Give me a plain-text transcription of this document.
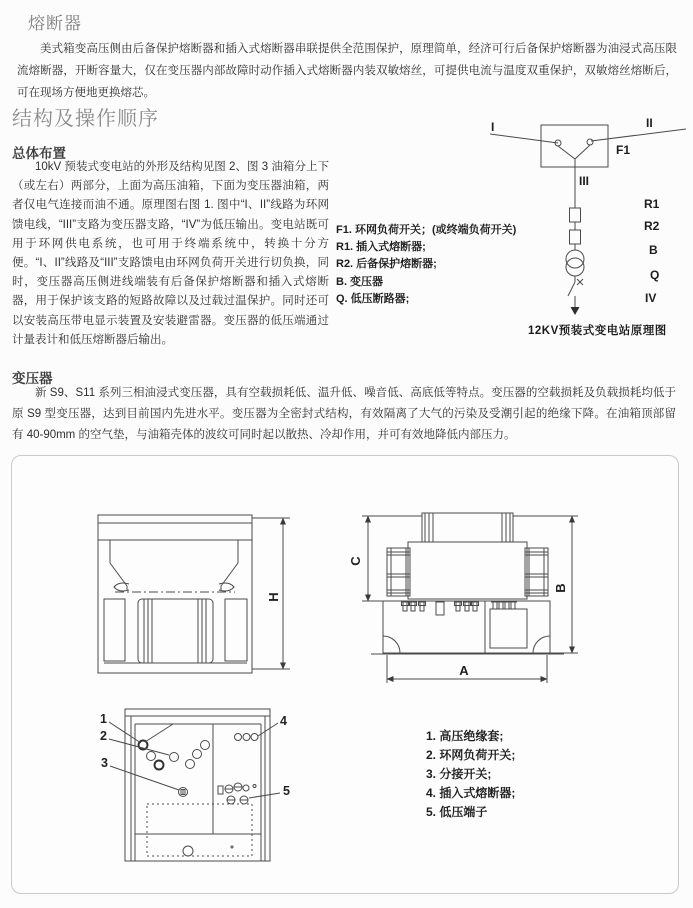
熔断器
美式箱变高压侧由后备保护熔断器和插入式熔断器串联提供全范围保护，原理简单，经济可行后备保护熔断器为油浸式高压限流熔断器，开断容量大，仅在变压器内部故障时动作插入式熔断器内装双敏熔丝，可提供电流与温度双重保护，双敏熔丝熔断后，可在现场方便地更换熔芯。
结构及操作顺序
总体布置
10kV 预装式变电站的外形及结构见图 2、图 3 油箱分上下（或左右）两部分，上面为高压油箱，下面为变压器油箱，两者仅电气连接而油不通。原理图右图 1. 图中“I、II”线路为环网馈电线，“III”支路为变压器支路，“IV”为低压输出。变电站既可用于环网供电系统，也可用于终端系统中，转换十分方便。“I、II”线路及“III”支路馈电由环网负荷开关进行切负换，同时，变压器高压侧进线端装有后备保护熔断器和插入式熔断器，用于保护该支路的短路故障以及过载过温保护。同时还可以安装高压带电显示装置及安装避雷器。变压器的低压端通过计量表计和低压熔断器后输出。
I	II
III
F1
R1
R2
B
Q
IV
12KV预装式变电站原理图
F1. 环网负荷开关；(或终端负荷开关)
R1. 插入式熔断器;
R2. 后备保护熔断器;
B. 变压器
Q. 低压断路器;
变压器
新 S9、S11 系列三相油浸式变压器，具有空载损耗低、温升低、噪音低、高底低等特点。变压器的空载损耗及负载损耗均低于原 S9 型变压器，达到目前国内先进水平。变压器为全密封式结构，有效隔离了大气的污染及受潮引起的绝缘下降。在油箱顶部留有 40-90mm 的空气垫，与油箱壳体的波纹可同时起以散热、冷却作用，并可有效地降低内部压力。
H
A
B
C
1
2
3
4
5
1. 高压绝缘套;
2. 环网负荷开关;
3. 分接开关;
4. 插入式熔断器;
5. 低压端子
